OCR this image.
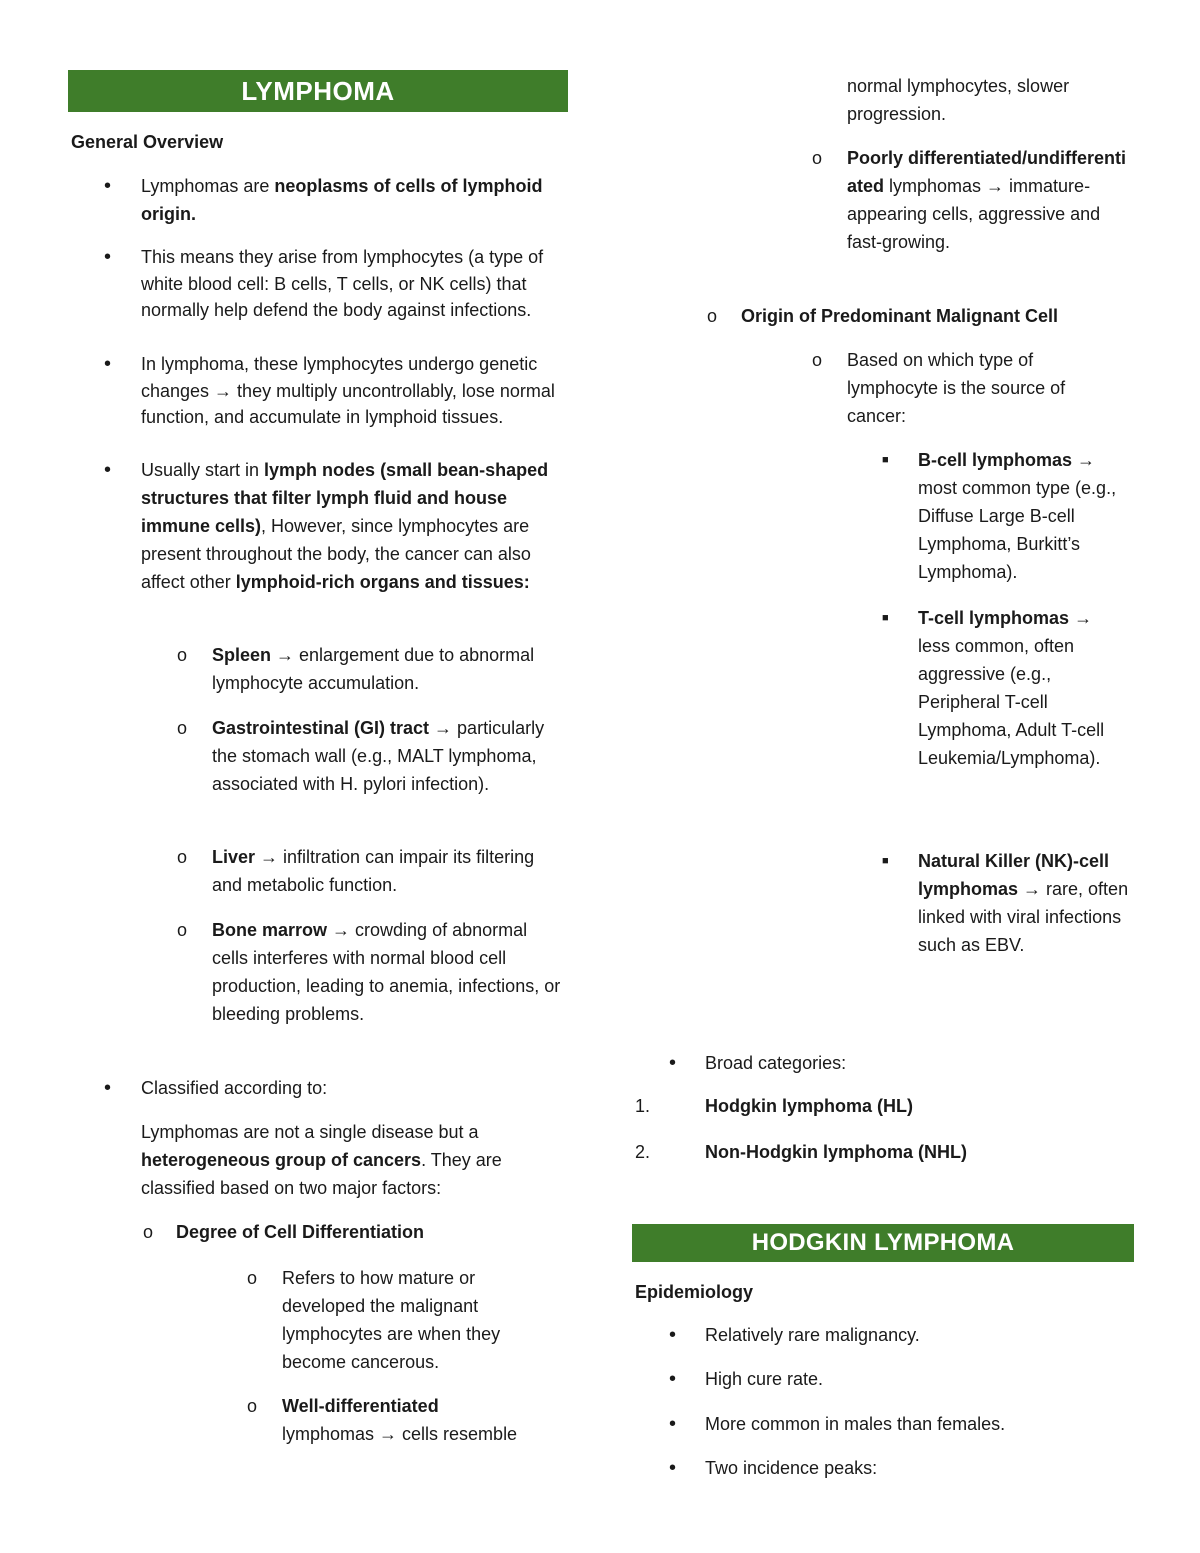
LYMPHOMA

General Overview

• Lymphomas are neoplasms of cells of lymphoid origin.
• This means they arise from lymphocytes (a type of white blood cell: B cells, T cells, or NK cells) that normally help defend the body against infections.
• In lymphoma, these lymphocytes undergo genetic changes → they multiply uncontrollably, lose normal function, and accumulate in lymphoid tissues.
• Usually start in lymph nodes (small bean-shaped structures that filter lymph fluid and house immune cells), However, since lymphocytes are present throughout the body, the cancer can also affect other lymphoid-rich organs and tissues:
o Spleen → enlargement due to abnormal lymphocyte accumulation.
o Gastrointestinal (GI) tract → particularly the stomach wall (e.g., MALT lymphoma, associated with H. pylori infection).
o Liver → infiltration can impair its filtering and metabolic function.
o Bone marrow → crowding of abnormal cells interferes with normal blood cell production, leading to anemia, infections, or bleeding problems.
• Classified according to:
Lymphomas are not a single disease but a heterogeneous group of cancers. They are classified based on two major factors:
o Degree of Cell Differentiation
o Refers to how mature or developed the malignant lymphocytes are when they become cancerous.
o Well-differentiated
lymphomas → cells resemble
normal lymphocytes, slower progression.
o Poorly differentiated/undifferentiated lymphomas → immature-appearing cells, aggressive and fast-growing.
o Origin of Predominant Malignant Cell
o Based on which type of lymphocyte is the source of cancer:
■ B-cell lymphomas → most common type (e.g., Diffuse Large B-cell Lymphoma, Burkitt’s Lymphoma).
■ T-cell lymphomas → less common, often aggressive (e.g., Peripheral T-cell Lymphoma, Adult T-cell Leukemia/Lymphoma).
■ Natural Killer (NK)-cell lymphomas → rare, often linked with viral infections such as EBV.
• Broad categories:
1.	Hodgkin lymphoma (HL)
2.	Non-Hodgkin lymphoma (NHL)
HODGKIN LYMPHOMA

Epidemiology

• Relatively rare malignancy.
• High cure rate.
• More common in males than females.
• Two incidence peaks:
